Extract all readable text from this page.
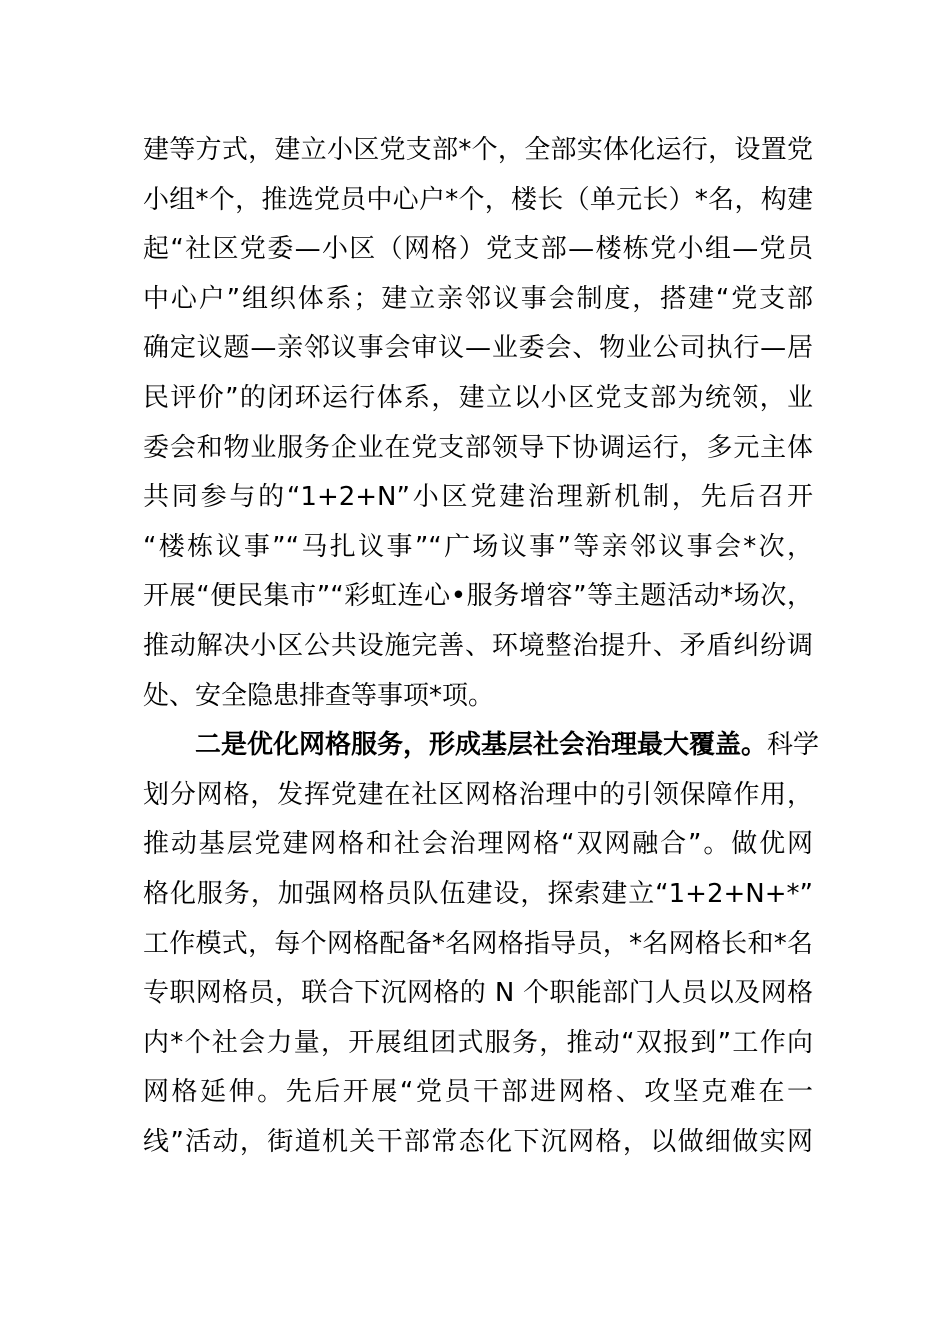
建等方式，建立小区党支部*个，全部实体化运行，设置党
小组*个，推选党员中心户*个，楼长（单元长）*名，构建
起“社区党委—小区（网格）党支部—楼栋党小组—党员
中心户”组织体系；建立亲邻议事会制度，搭建“党支部
确定议题—亲邻议事会审议—业委会、物业公司执行—居
民评价”的闭环运行体系，建立以小区党支部为统领，业
委会和物业服务企业在党支部领导下协调运行，多元主体
共同参与的“1+2+N”小区党建治理新机制，先后召开
“楼栋议事”“马扎议事”“广场议事”等亲邻议事会*次，
开展“便民集市”“彩虹连心•服务增容”等主题活动*场次，
推动解决小区公共设施完善、环境整治提升、矛盾纠纷调
处、安全隐患排查等事项*项。
二是优化网格服务，形成基层社会治理最大覆盖。科学
划分网格，发挥党建在社区网格治理中的引领保障作用，
推动基层党建网格和社会治理网格“双网融合”。做优网
格化服务，加强网格员队伍建设，探索建立“1+2+N+*”
工作模式，每个网格配备*名网格指导员，*名网格长和*名
专职网格员，联合下沉网格的 N 个职能部门人员以及网格
内*个社会力量，开展组团式服务，推动“双报到”工作向
网格延伸。先后开展“党员干部进网格、攻坚克难在一
线”活动，街道机关干部常态化下沉网格，以做细做实网
